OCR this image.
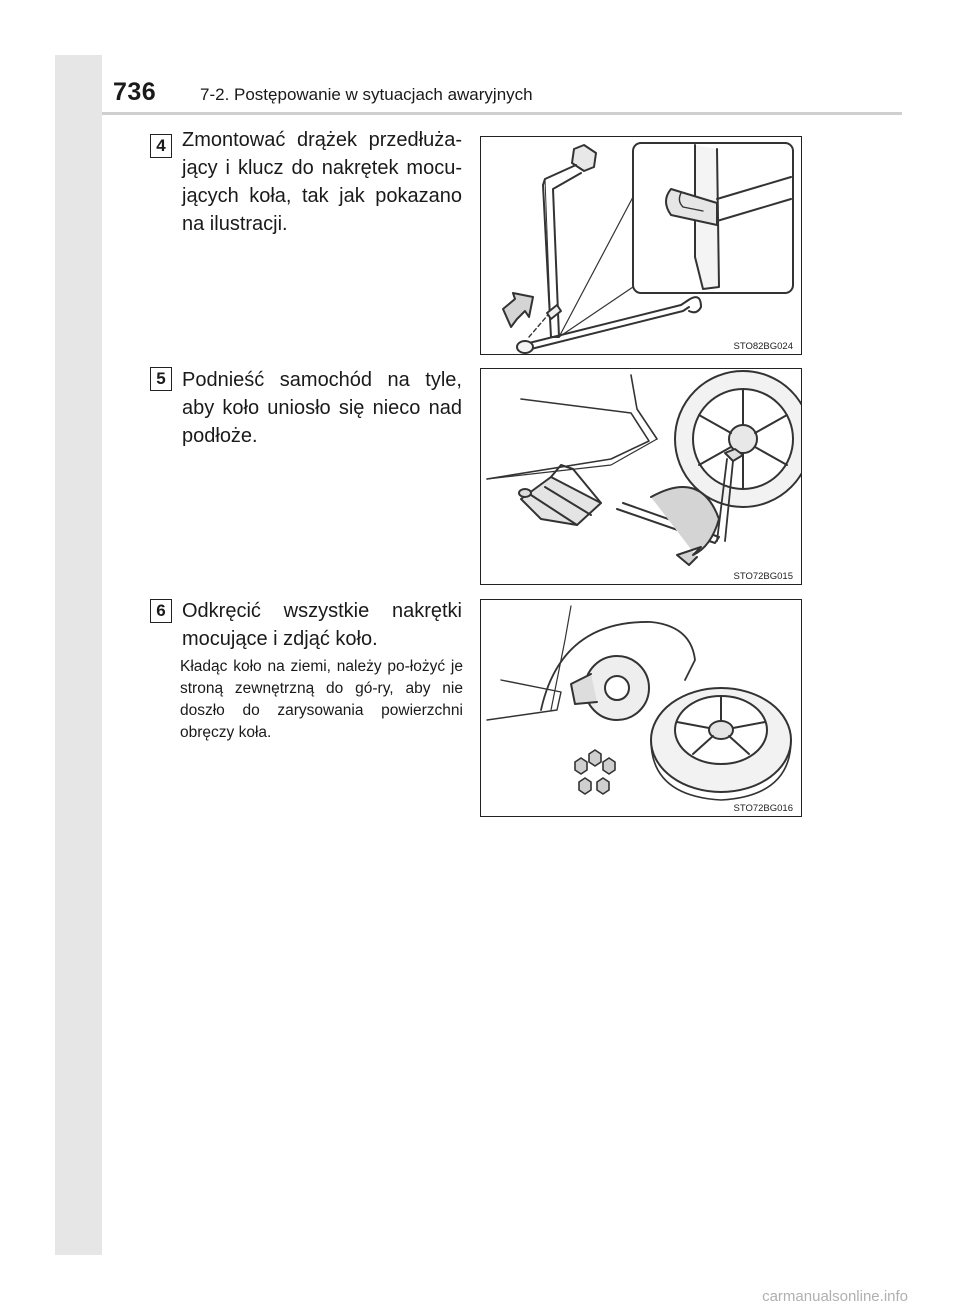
736	7-2. Postępowanie w sytuacjach awaryjnych
4 Zmontować drążek przedłuża-jący i klucz do nakrętek mocu-jących koła, tak jak pokazano na ilustracji.
STO82BG024
5 Podnieść samochód na tyle, aby koło uniosło się nieco nad podłoże.
STO72BG015
6 Odkręcić wszystkie nakrętki mocujące i zdjąć koło.
Kładąc koło na ziemi, należy po-łożyć je stroną zewnętrzną do gó-ry, aby nie doszło do zarysowania powierzchni obręczy koła.
STO72BG016
carmanualsonline.info
